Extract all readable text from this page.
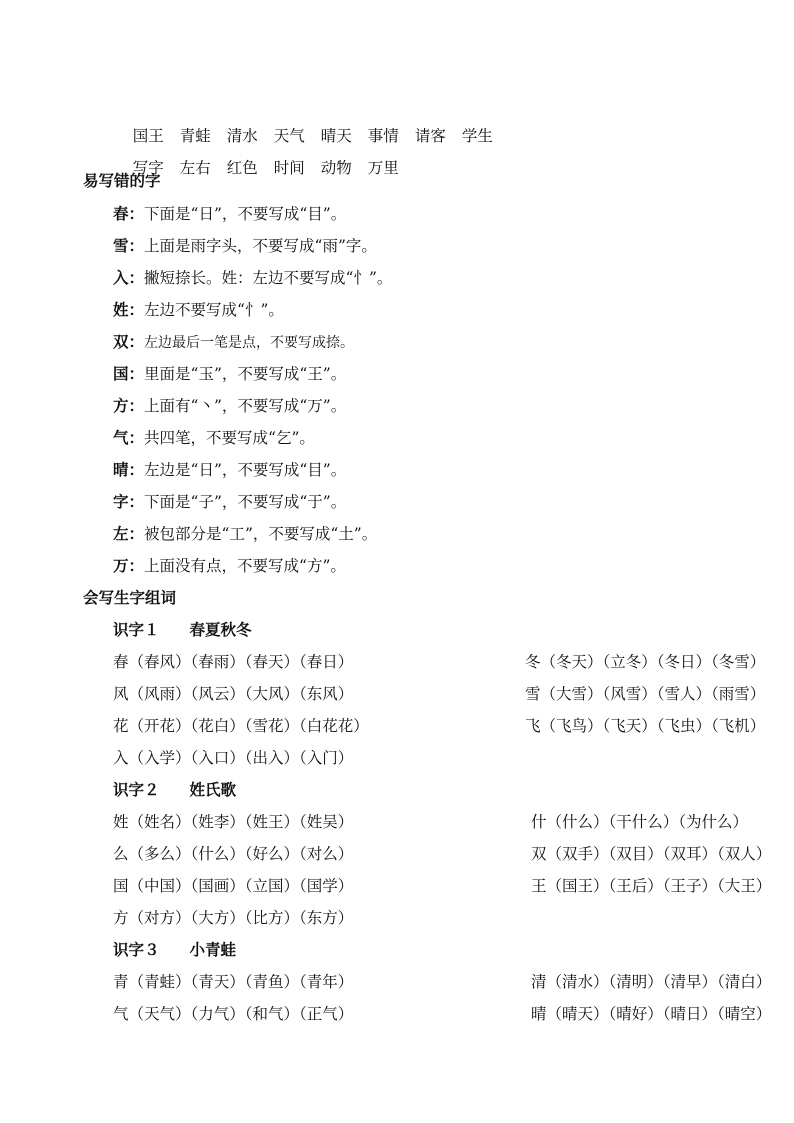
国王 青蛙 清水 天气 晴天 事情 请客 学生

写字 左右 红色 时间 动物 万里

易写错的字
春：下面是“日”，不要写成“目”。
雪：上面是雨字头，不要写成“雨”字。
入：撇短捺长。姓：左边不要写成“忄”。
姓：左边不要写成“忄”。
双：左边最后一笔是点，不要写成捺。
国：里面是“玉”，不要写成“王”。
方：上面有“丶”，不要写成“万”。
气：共四笔，不要写成“乞”。
晴：左边是“日”，不要写成“目”。
字：下面是“子”，不要写成“于”。
左：被包部分是“工”，不要写成“土”。
万：上面没有点，不要写成“方”。
会写生字组词
识字１ 春夏秋冬
春（春风）（春雨）（春天）（春日）	冬（冬天）（立冬）（冬日）（冬雪）
风（风雨）（风云）（大风）（东风）	雪（大雪）（风雪）（雪人）（雨雪）
花（开花）（花白）（雪花）（白花花）	飞（飞鸟）（飞天）（飞虫）（飞机）
入（入学）（入口）（出入）（入门）
识字２ 姓氏歌
姓（姓名）（姓李）（姓王）（姓吴）	什（什么）（干什么）（为什么）
么（多么）（什么）（好么）（对么）	双（双手）（双目）（双耳）（双人）
国（中国）（国画）（立国）（国学）	王（国王）（王后）（王子）（大王）
方（对方）（大方）（比方）（东方）
识字３ 小青蛙
青（青蛙）（青天）（青鱼）（青年）	清（清水）（清明）（清早）（清白）
气（天气）（力气）（和气）（正气）	晴（晴天）（晴好）（晴日）（晴空）
